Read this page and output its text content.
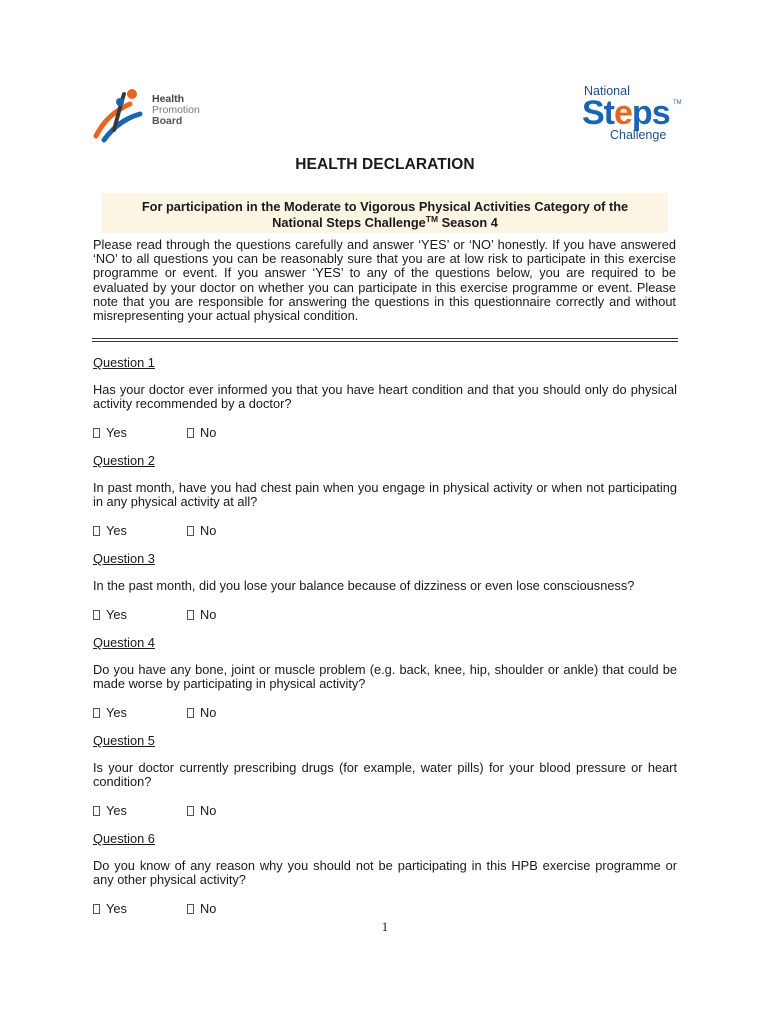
Health
Promotion
Board
National
Steps TM
Challenge
HEALTH DECLARATION
For participation in the Moderate to Vigorous Physical Activities Category of the
National Steps Challenge™ Season 4
Please read through the questions carefully and answer ‘YES’ or ‘NO’ honestly. If you have answered ‘NO’ to all questions you can be reasonably sure that you are at low risk to participate in this exercise programme or event. If you answer ‘YES’ to any of the questions below, you are required to be evaluated by your doctor on whether you can participate in this exercise programme or event. Please note that you are responsible for answering the questions in this questionnaire correctly and without misrepresenting your actual physical condition.
Question 1
Has your doctor ever informed you that you have heart condition and that you should only do physical activity recommended by a doctor?
Yes	No
Question 2
In past month, have you had chest pain when you engage in physical activity or when not participating in any physical activity at all?
Yes	No
Question 3
In the past month, did you lose your balance because of dizziness or even lose consciousness?
Yes	No
Question 4
Do you have any bone, joint or muscle problem (e.g. back, knee, hip, shoulder or ankle) that could be made worse by participating in physical activity?
Yes	No
Question 5
Is your doctor currently prescribing drugs (for example, water pills) for your blood pressure or heart condition?
Yes	No
Question 6
Do you know of any reason why you should not be participating in this HPB exercise programme or any other physical activity?
Yes	No
1
